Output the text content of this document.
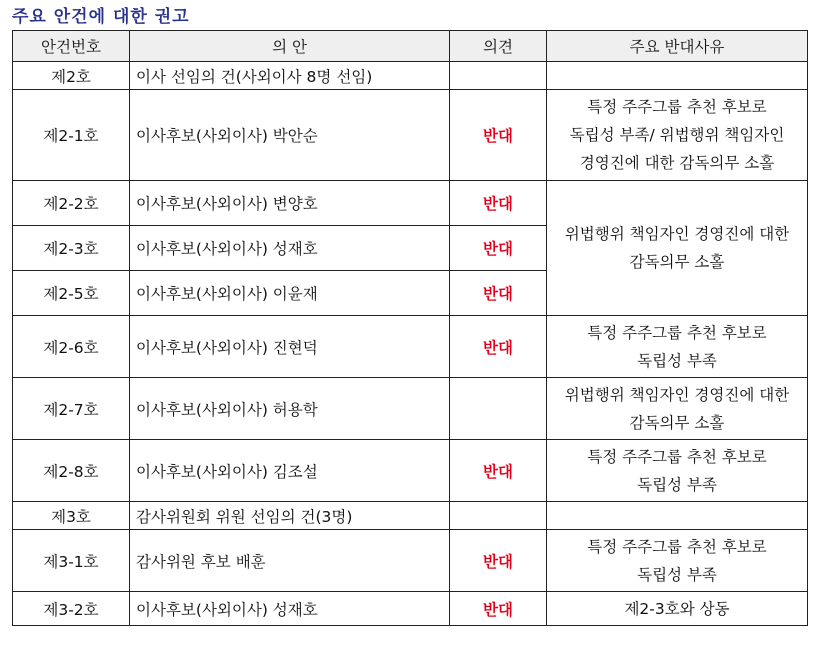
주요 안건에 대한 권고
안건번호	의 안	의견	주요 반대사유
제2호	이사 선임의 건(사외이사 8명 선임)		
제2-1호	이사후보(사외이사) 박안순	반대	특정 주주그룹 추천 후보로
독립성 부족/ 위법행위 책임자인
경영진에 대한 감독의무 소홀
제2-2호	이사후보(사외이사) 변양호	반대	위법행위 책임자인 경영진에 대한
감독의무 소홀
제2-3호	이사후보(사외이사) 성재호	반대	
제2-5호	이사후보(사외이사) 이윤재	반대	
제2-6호	이사후보(사외이사) 진현덕	반대	특정 주주그룹 추천 후보로
독립성 부족
제2-7호	이사후보(사외이사) 허용학		위법행위 책임자인 경영진에 대한
감독의무 소홀
제2-8호	이사후보(사외이사) 김조설	반대	특정 주주그룹 추천 후보로
독립성 부족
제3호	감사위원회 위원 선임의 건(3명)		
제3-1호	감사위원 후보 배훈	반대	특정 주주그룹 추천 후보로
독립성 부족
제3-2호	이사후보(사외이사) 성재호	반대	제2-3호와 상동
